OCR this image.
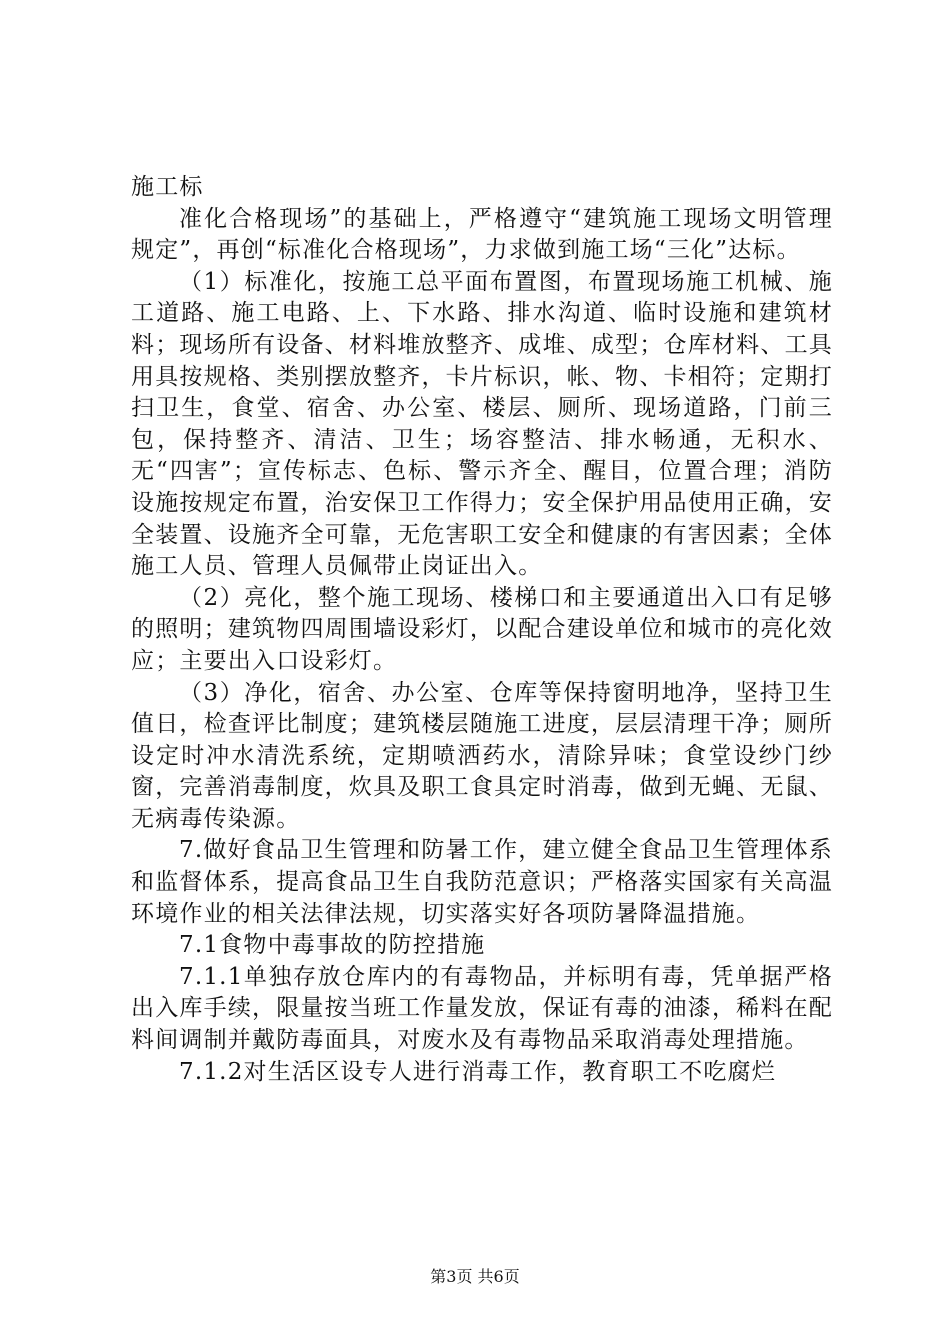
施工标

准化合格现场”的基础上，严格遵守“建筑施工现场文明管理规定”，再创“标准化合格现场”，力求做到施工场“三化”达标。

（1）标准化，按施工总平面布置图，布置现场施工机械、施工道路、施工电路、上、下水路、排水沟道、临时设施和建筑材料；现场所有设备、材料堆放整齐、成堆、成型；仓库材料、工具用具按规格、类别摆放整齐，卡片标识，帐、物、卡相符；定期打扫卫生，食堂、宿舍、办公室、楼层、厕所、现场道路，门前三包，保持整齐、清洁、卫生；场容整洁、排水畅通，无积水、无“四害”；宣传标志、色标、警示齐全、醒目，位置合理；消防设施按规定布置，治安保卫工作得力；安全保护用品使用正确，安全装置、设施齐全可靠，无危害职工安全和健康的有害因素；全体施工人员、管理人员佩带止岗证出入。

（2）亮化，整个施工现场、楼梯口和主要通道出入口有足够的照明；建筑物四周围墙设彩灯，以配合建设单位和城市的亮化效应；主要出入口设彩灯。

（3）净化，宿舍、办公室、仓库等保持窗明地净，坚持卫生值日，检查评比制度；建筑楼层随施工进度，层层清理干净；厕所设定时冲水清洗系统，定期喷洒药水，清除异味；食堂设纱门纱窗，完善消毒制度，炊具及职工食具定时消毒，做到无蝇、无鼠、无病毒传染源。

7.做好食品卫生管理和防暑工作，建立健全食品卫生管理体系和监督体系，提高食品卫生自我防范意识；严格落实国家有关高温环境作业的相关法律法规，切实落实好各项防暑降温措施。

7.1食物中毒事故的防控措施

7.1.1单独存放仓库内的有毒物品，并标明有毒，凭单据严格出入库手续，限量按当班工作量发放，保证有毒的油漆，稀料在配料间调制并戴防毒面具，对废水及有毒物品采取消毒处理措施。

7.1.2对生活区设专人进行消毒工作，教育职工不吃腐烂

第3页 共6页
